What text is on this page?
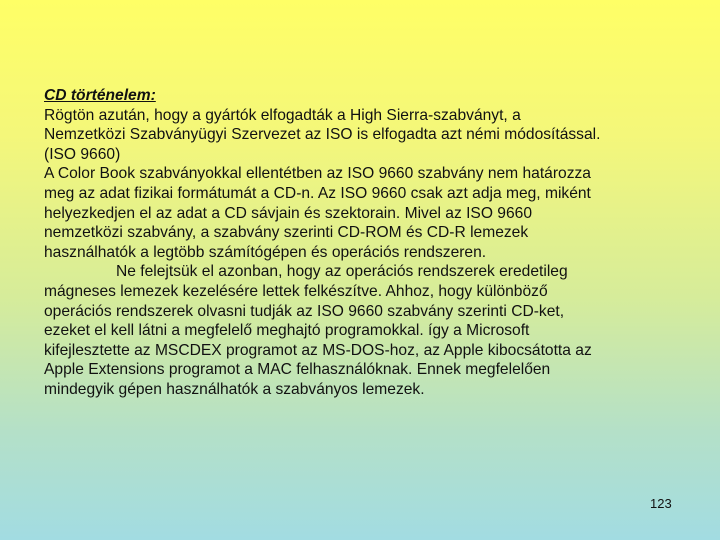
CD történelem:
Rögtön azután, hogy a gyártók elfogadták a High Sierra-szabványt, a
Nemzetközi Szabványügyi Szervezet az ISO is elfogadta azt némi módosítással.
(ISO 9660)
A Color Book szabványokkal ellentétben az ISO 9660 szabvány nem határozza
meg az adat fizikai formátumát a CD-n. Az ISO 9660 csak azt adja meg, miként
helyezkedjen el az adat a CD sávjain és szektorain. Mivel az ISO 9660
nemzetközi szabvány, a szabvány szerinti CD-ROM és CD-R lemezek
használhatók a legtöbb számítógépen és operációs rendszeren.
Ne felejtsük el azonban, hogy az operációs rendszerek eredetileg
mágneses lemezek kezelésére lettek felkészítve. Ahhoz, hogy különböző
operációs rendszerek olvasni tudják az ISO 9660 szabvány szerinti CD-ket,
ezeket el kell látni a megfelelő meghajtó programokkal. így a Microsoft
kifejlesztette az MSCDEX programot az MS-DOS-hoz, az Apple kibocsátotta az
Apple Extensions programot a MAC felhasználóknak. Ennek megfelelően
mindegyik gépen használhatók a szabványos lemezek.
123
